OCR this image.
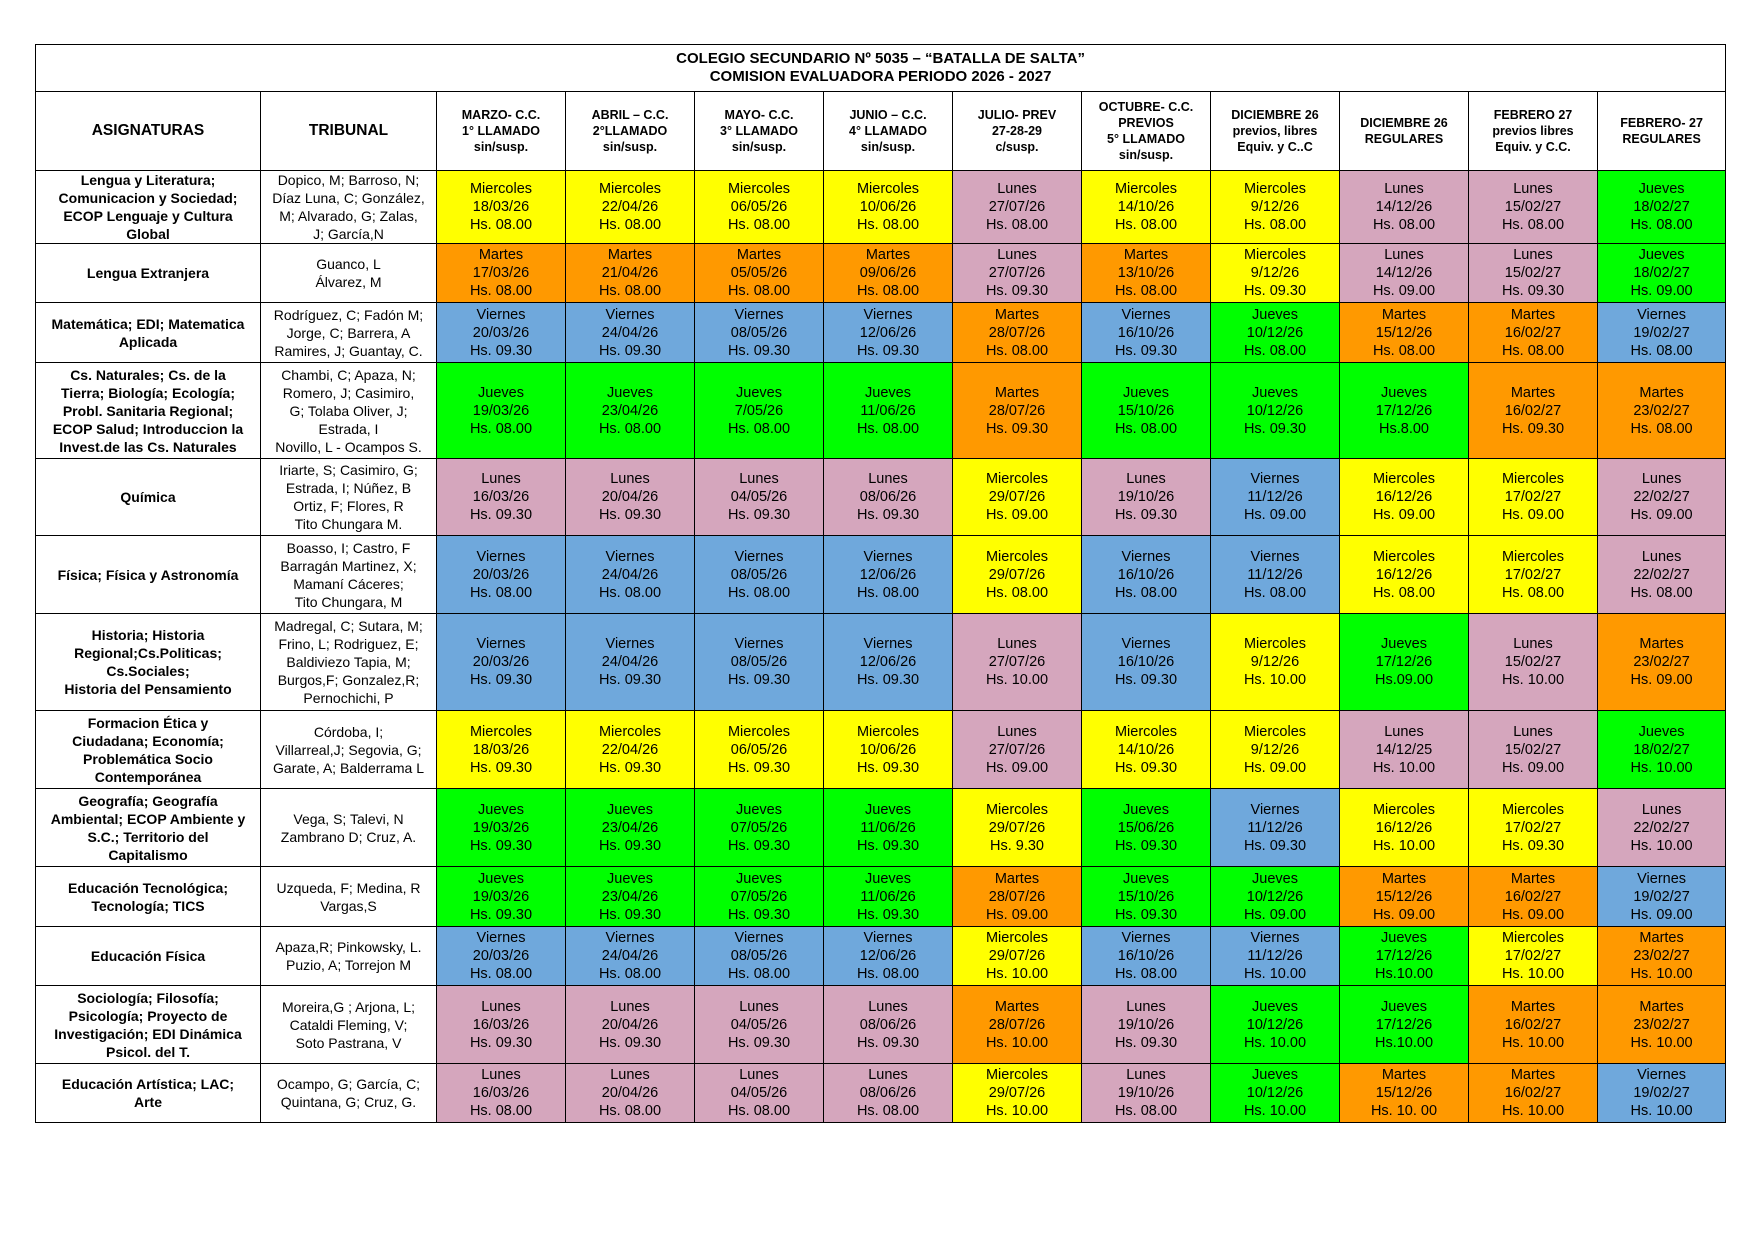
COLEGIO SECUNDARIO Nº 5035 – “BATALLA DE SALTA”
COMISION EVALUADORA PERIODO 2026 - 2027											

ASIGNATURAS	TRIBUNAL	MARZO- C.C.
1° LLAMADO
sin/susp.	ABRIL – C.C.
2°LLAMADO
sin/susp.	MAYO- C.C.
3° LLAMADO
sin/susp.	JUNIO – C.C.
4° LLAMADO
sin/susp.	JULIO- PREV
27-28-29
c/susp.	OCTUBRE- C.C.
PREVIOS
5° LLAMADO
sin/susp.	DICIEMBRE 26
previos, libres
Equiv. y C..C	DICIEMBRE 26
REGULARES	FEBRERO 27
previos libres
Equiv. y C.C.	FEBRERO- 27
REGULARES

Lengua y Literatura;
Comunicacion y Sociedad;
ECOP Lenguaje y Cultura
Global	Dopico, M; Barroso, N;
Díaz Luna, C; González,
M; Alvarado, G; Zalas,
J; García,N	Miercoles
18/03/26
Hs. 08.00	Miercoles
22/04/26
Hs. 08.00	Miercoles
06/05/26
Hs. 08.00	Miercoles
10/06/26
Hs. 08.00	Lunes
27/07/26
Hs. 08.00	Miercoles
14/10/26
Hs. 08.00	Miercoles
9/12/26
Hs. 08.00	Lunes
14/12/26
Hs. 08.00	Lunes
15/02/27
Hs. 08.00	Jueves
18/02/27
Hs. 08.00

Lengua Extranjera	Guanco, L
Álvarez, M	Martes
17/03/26
Hs. 08.00	Martes
21/04/26
Hs. 08.00	Martes
05/05/26
Hs. 08.00	Martes
09/06/26
Hs. 08.00	Lunes
27/07/26
Hs. 09.30	Martes
13/10/26
Hs. 08.00	Miercoles
9/12/26
Hs. 09.30	Lunes
14/12/26
Hs. 09.00	Lunes
15/02/27
Hs. 09.30	Jueves
18/02/27
Hs. 09.00

Matemática; EDI; Matematica
Aplicada	Rodríguez, C; Fadón M;
Jorge, C; Barrera, A
Ramires, J; Guantay, C.	Viernes
20/03/26
Hs. 09.30	Viernes
24/04/26
Hs. 09.30	Viernes
08/05/26
Hs. 09.30	Viernes
12/06/26
Hs. 09.30	Martes
28/07/26
Hs. 08.00	Viernes
16/10/26
Hs. 09.30	Jueves
10/12/26
Hs. 08.00	Martes
15/12/26
Hs. 08.00	Martes
16/02/27
Hs. 08.00	Viernes
19/02/27
Hs. 08.00

Cs. Naturales; Cs. de la
Tierra; Biología; Ecología;
Probl. Sanitaria Regional;
ECOP Salud; Introduccion la
Invest.de las Cs. Naturales	Chambi, C; Apaza, N;
Romero, J; Casimiro,
G; Tolaba Oliver, J;
Estrada, I
Novillo, L - Ocampos S.	Jueves
19/03/26
Hs. 08.00	Jueves
23/04/26
Hs. 08.00	Jueves
7/05/26
Hs. 08.00	Jueves
11/06/26
Hs. 08.00	Martes
28/07/26
Hs. 09.30	Jueves
15/10/26
Hs. 08.00	Jueves
10/12/26
Hs. 09.30	Jueves
17/12/26
Hs.8.00	Martes
16/02/27
Hs. 09.30	Martes
23/02/27
Hs. 08.00

Química	Iriarte, S; Casimiro, G;
Estrada, I; Núñez, B
Ortiz, F; Flores, R
Tito Chungara M.	Lunes
16/03/26
Hs. 09.30	Lunes
20/04/26
Hs. 09.30	Lunes
04/05/26
Hs. 09.30	Lunes
08/06/26
Hs. 09.30	Miercoles
29/07/26
Hs. 09.00	Lunes
19/10/26
Hs. 09.30	Viernes
11/12/26
Hs. 09.00	Miercoles
16/12/26
Hs. 09.00	Miercoles
17/02/27
Hs. 09.00	Lunes
22/02/27
Hs. 09.00

Física; Física y Astronomía	Boasso, I; Castro, F
Barragán Martinez, X;
Mamaní Cáceres;
Tito Chungara, M	Viernes
20/03/26
Hs. 08.00	Viernes
24/04/26
Hs. 08.00	Viernes
08/05/26
Hs. 08.00	Viernes
12/06/26
Hs. 08.00	Miercoles
29/07/26
Hs. 08.00	Viernes
16/10/26
Hs. 08.00	Viernes
11/12/26
Hs. 08.00	Miercoles
16/12/26
Hs. 08.00	Miercoles
17/02/27
Hs. 08.00	Lunes
22/02/27
Hs. 08.00

Historia; Historia
Regional;Cs.Politicas;
Cs.Sociales;
Historia del Pensamiento	Madregal, C; Sutara, M;
Frino, L; Rodriguez, E;
Baldiviezo Tapia, M;
Burgos,F; Gonzalez,R;
Pernochichi, P	Viernes
20/03/26
Hs. 09.30	Viernes
24/04/26
Hs. 09.30	Viernes
08/05/26
Hs. 09.30	Viernes
12/06/26
Hs. 09.30	Lunes
27/07/26
Hs. 10.00	Viernes
16/10/26
Hs. 09.30	Miercoles
9/12/26
Hs. 10.00	Jueves
17/12/26
Hs.09.00	Lunes
15/02/27
Hs. 10.00	Martes
23/02/27
Hs. 09.00

Formacion Ética y
Ciudadana; Economía;
Problemática Socio
Contemporánea	Córdoba, I;
Villarreal,J; Segovia, G;
Garate, A; Balderrama L	Miercoles
18/03/26
Hs. 09.30	Miercoles
22/04/26
Hs. 09.30	Miercoles
06/05/26
Hs. 09.30	Miercoles
10/06/26
Hs. 09.30	Lunes
27/07/26
Hs. 09.00	Miercoles
14/10/26
Hs. 09.30	Miercoles
9/12/26
Hs. 09.00	Lunes
14/12/25
Hs. 10.00	Lunes
15/02/27
Hs. 09.00	Jueves
18/02/27
Hs. 10.00

Geografía; Geografía
Ambiental; ECOP Ambiente y
S.C.; Territorio del
Capitalismo	Vega, S; Talevi, N
Zambrano D; Cruz, A.	Jueves
19/03/26
Hs. 09.30	Jueves
23/04/26
Hs. 09.30	Jueves
07/05/26
Hs. 09.30	Jueves
11/06/26
Hs. 09.30	Miercoles
29/07/26
Hs. 9.30	Jueves
15/06/26
Hs. 09.30	Viernes
11/12/26
Hs. 09.30	Miercoles
16/12/26
Hs. 10.00	Miercoles
17/02/27
Hs. 09.30	Lunes
22/02/27
Hs. 10.00

Educación Tecnológica;
Tecnología; TICS	Uzqueda, F; Medina, R
Vargas,S	Jueves
19/03/26
Hs. 09.30	Jueves
23/04/26
Hs. 09.30	Jueves
07/05/26
Hs. 09.30	Jueves
11/06/26
Hs. 09.30	Martes
28/07/26
Hs. 09.00	Jueves
15/10/26
Hs. 09.30	Jueves
10/12/26
Hs. 09.00	Martes
15/12/26
Hs. 09.00	Martes
16/02/27
Hs. 09.00	Viernes
19/02/27
Hs. 09.00

Educación Física	Apaza,R; Pinkowsky, L.
Puzio, A; Torrejon M	Viernes
20/03/26
Hs. 08.00	Viernes
24/04/26
Hs. 08.00	Viernes
08/05/26
Hs. 08.00	Viernes
12/06/26
Hs. 08.00	Miercoles
29/07/26
Hs. 10.00	Viernes
16/10/26
Hs. 08.00	Viernes
11/12/26
Hs. 10.00	Jueves
17/12/26
Hs.10.00	Miercoles
17/02/27
Hs. 10.00	Martes
23/02/27
Hs. 10.00

Sociología; Filosofía;
Psicología; Proyecto de
Investigación; EDI Dinámica
Psicol. del T.	Moreira,G ; Arjona, L;
Cataldi Fleming, V;
Soto Pastrana, V	Lunes
16/03/26
Hs. 09.30	Lunes
20/04/26
Hs. 09.30	Lunes
04/05/26
Hs. 09.30	Lunes
08/06/26
Hs. 09.30	Martes
28/07/26
Hs. 10.00	Lunes
19/10/26
Hs. 09.30	Jueves
10/12/26
Hs. 10.00	Jueves
17/12/26
Hs.10.00	Martes
16/02/27
Hs. 10.00	Martes
23/02/27
Hs. 10.00

Educación Artística; LAC;
Arte	Ocampo, G; García, C;
Quintana, G; Cruz, G.	Lunes
16/03/26
Hs. 08.00	Lunes
20/04/26
Hs. 08.00	Lunes
04/05/26
Hs. 08.00	Lunes
08/06/26
Hs. 08.00	Miercoles
29/07/26
Hs. 10.00	Lunes
19/10/26
Hs. 08.00	Jueves
10/12/26
Hs. 10.00	Martes
15/12/26
Hs. 10. 00	Martes
16/02/27
Hs. 10.00	Viernes
19/02/27
Hs. 10.00
